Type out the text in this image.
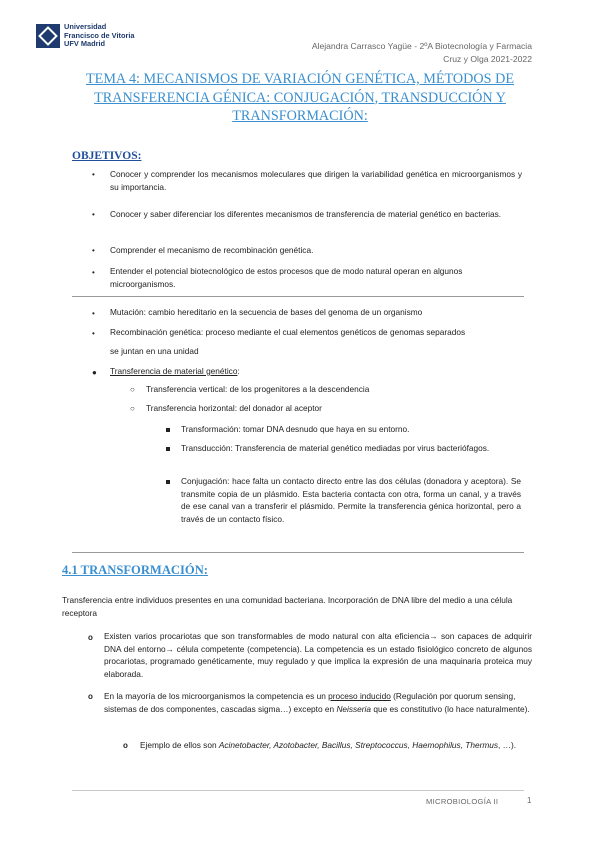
Universidad
Francisco de Vitoria
UFV Madrid	Alejandra Carrasco Yagüe - 2ºA Biotecnología y Farmacia
Cruz y Olga 2021-2022
TEMA 4: MECANISMOS DE VARIACIÓN GENÉTICA, MÉTODOS DE TRANSFERENCIA GÉNICA: CONJUGACIÓN, TRANSDUCCIÓN Y TRANSFORMACIÓN:
OBJETIVOS:
• Conocer y comprender los mecanismos moleculares que dirigen la variabilidad genética en microorganismos y su importancia.
• Conocer y saber diferenciar los diferentes mecanismos de transferencia de material genético en bacterias.
• Comprender el mecanismo de recombinación genética.
• Entender el potencial biotecnológico de estos procesos que de modo natural operan en algunos microorganismos.
• Mutación: cambio hereditario en la secuencia de bases del genoma de un organismo
• Recombinación genética: proceso mediante el cual elementos genéticos de genomas separados
se juntan en una unidad
● Transferencia de material genético:
○ Transferencia vertical: de los progenitores a la descendencia
○ Transferencia horizontal: del donador al aceptor
Transformación: tomar DNA desnudo que haya en su entorno.
Transducción: Transferencia de material genético mediadas por virus bacteriófagos.
Conjugación: hace falta un contacto directo entre las dos células (donadora y aceptora). Se transmite copia de un plásmido. Esta bacteria contacta con otra, forma un canal, y a través de ese canal van a transferir el plásmido. Permite la transferencia génica horizontal, pero a través de un contacto físico.
4.1 TRANSFORMACIÓN:
Transferencia entre individuos presentes en una comunidad bacteriana. Incorporación de DNA libre del medio a una célula receptora
o Existen varios procariotas que son transformables de modo natural con alta eficiencia→ son capaces de adquirir DNA del entorno→ célula competente (competencia). La competencia es un estado fisiológico concreto de algunos procariotas, programado genéticamente, muy regulado y que implica la expresión de una maquinaria proteica muy elaborada.
o En la mayoría de los microorganismos la competencia es un proceso inducido (Regulación por quorum sensing, sistemas de dos componentes, cascadas sigma…) excepto en Neisseria que es constitutivo (lo hace naturalmente).
o Ejemplo de ellos son Acinetobacter, Azotobacter, Bacillus, Streptococcus, Haemophilus, Thermus, …).
MICROBIOLOGÍA II	1
